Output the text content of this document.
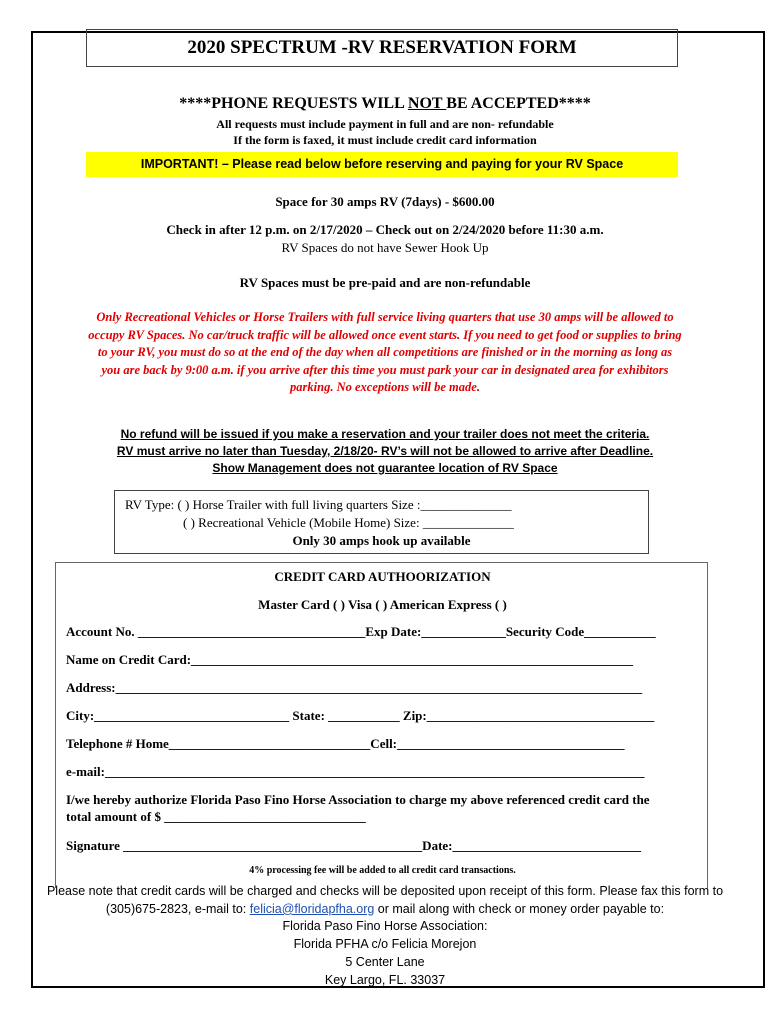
2020 SPECTRUM -RV RESERVATION FORM
****PHONE REQUESTS WILL NOT BE ACCEPTED****
All requests must include payment in full and are non- refundable
If the form is faxed, it must include credit card information
IMPORTANT! – Please read below before reserving and paying for your RV Space
Space for 30 amps RV (7days) - $600.00
Check in after 12 p.m. on 2/17/2020 – Check out on 2/24/2020 before 11:30 a.m.
RV Spaces do not have Sewer Hook Up
RV Spaces must be pre-paid and are non-refundable
Only Recreational Vehicles or Horse Trailers with full service living quarters that use 30 amps will be allowed to occupy RV Spaces. No car/truck traffic will be allowed once event starts. If you need to get food or supplies to bring to your RV, you must do so at the end of the day when all competitions are finished or in the morning as long as you are back by 9:00 a.m. if you arrive after this time you must park your car in designated area for exhibitors parking. No exceptions will be made.
No refund will be issued if you make a reservation and your trailer does not meet the criteria.
RV must arrive no later than Tuesday, 2/18/20- RV’s will not be allowed to arrive after Deadline.
Show Management does not guarantee location of RV Space
RV Type: ( ) Horse Trailer with full living quarters Size :______________
( ) Recreational Vehicle (Mobile Home) Size: ______________
Only 30 amps hook up available
CREDIT CARD AUTHOORIZATION
Master Card ( ) Visa ( ) American Express ( )
Account No. ___________________________________Exp Date:_____________Security Code___________
Name on Credit Card:____________________________________________________________________
Address:_________________________________________________________________________________
City:______________________________ State: ___________ Zip:___________________________________
Telephone # Home_______________________________Cell:___________________________________
e-mail:___________________________________________________________________________________
I/we hereby authorize Florida Paso Fino Horse Association to charge my above referenced credit card the
total amount of $ _______________________________
Signature ______________________________________________Date:_____________________________
4% processing fee will be added to all credit card transactions.
Please note that credit cards will be charged and checks will be deposited upon receipt of this form. Please fax this form to
(305)675-2823, e-mail to: felicia@floridapfha.org or mail along with check or money order payable to:
Florida Paso Fino Horse Association:
Florida PFHA c/o Felicia Morejon
5 Center Lane
Key Largo, FL. 33037
